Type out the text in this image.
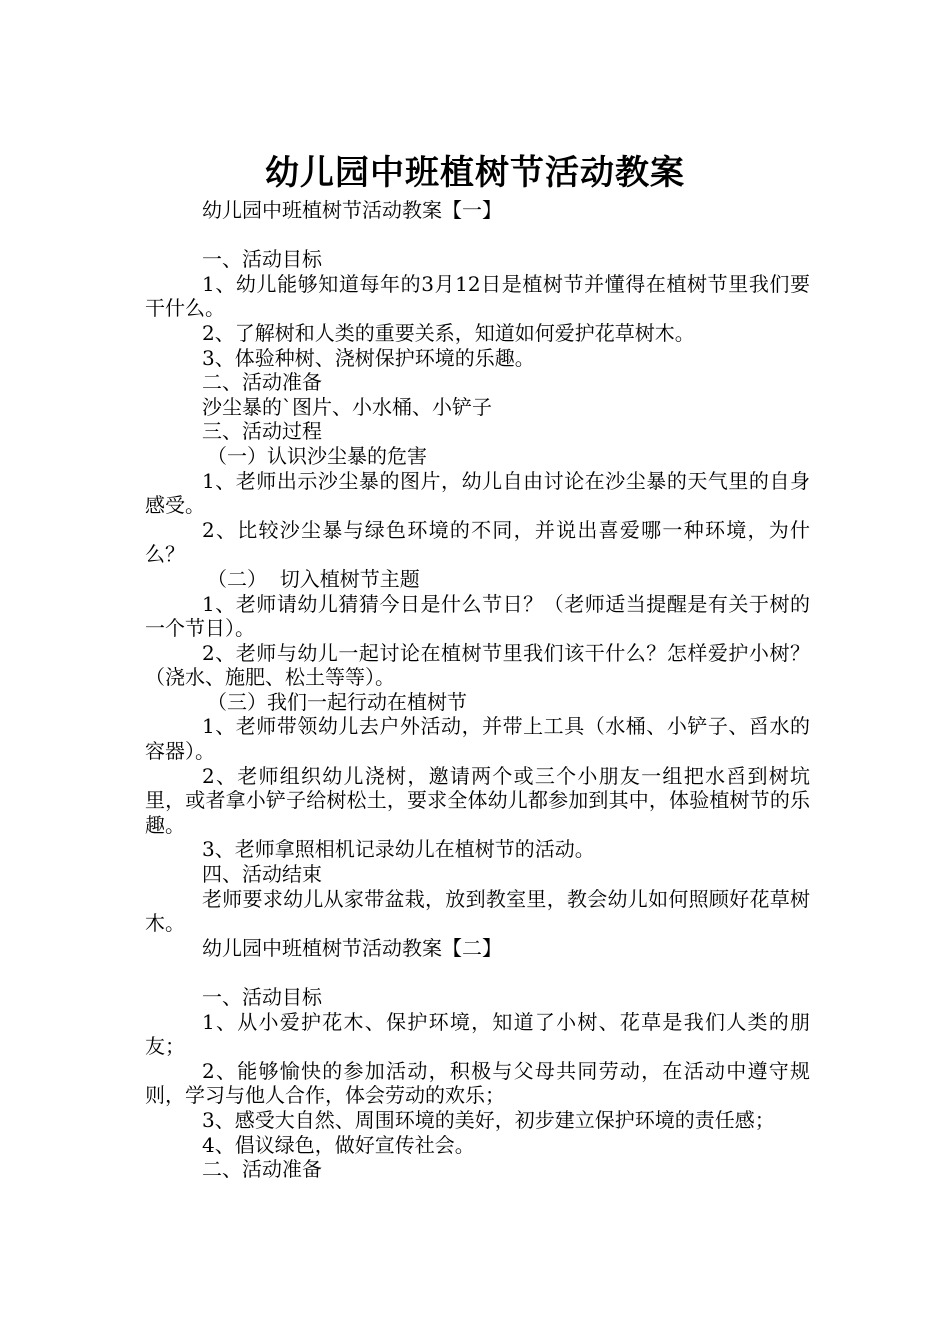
幼儿园中班植树节活动教案

幼儿园中班植树节活动教案【一】

一、活动目标

1、幼儿能够知道每年的3月12日是植树节并懂得在植树节里我们要干什么。

2、了解树和人类的重要关系，知道如何爱护花草树木。

3、体验种树、浇树保护环境的乐趣。

二、活动准备

沙尘暴的`图片、小水桶、小铲子

三、活动过程

（一）认识沙尘暴的危害

1、老师出示沙尘暴的图片，幼儿自由讨论在沙尘暴的天气里的自身感受。

2、比较沙尘暴与绿色环境的不同，并说出喜爱哪一种环境，为什么？

（二）  切入植树节主题

1、老师请幼儿猜猜今日是什么节日？（老师适当提醒是有关于树的一个节日）。

2、老师与幼儿一起讨论在植树节里我们该干什么？怎样爱护小树？（浇水、施肥、松土等等）。

（三）我们一起行动在植树节

1、老师带领幼儿去户外活动，并带上工具（水桶、小铲子、舀水的容器）。

2、老师组织幼儿浇树，邀请两个或三个小朋友一组把水舀到树坑里，或者拿小铲子给树松土，要求全体幼儿都参加到其中，体验植树节的乐趣。

3、老师拿照相机记录幼儿在植树节的活动。

四、活动结束

老师要求幼儿从家带盆栽，放到教室里，教会幼儿如何照顾好花草树木。

幼儿园中班植树节活动教案【二】

一、活动目标

1、从小爱护花木、保护环境，知道了小树、花草是我们人类的朋友；

2、能够愉快的参加活动，积极与父母共同劳动，在活动中遵守规则，学习与他人合作，体会劳动的欢乐；

3、感受大自然、周围环境的美好，初步建立保护环境的责任感；

4、倡议绿色，做好宣传社会。

二、活动准备
